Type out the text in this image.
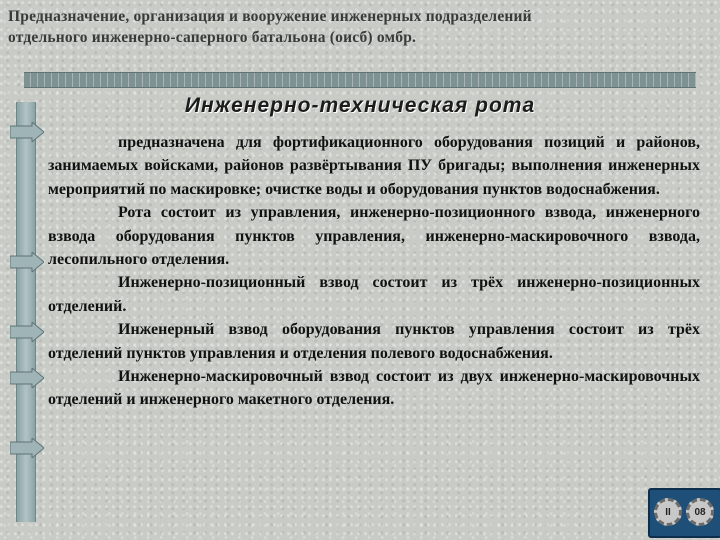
Предназначение, организация и вооружение инженерных подразделений
отдельного инженерно-саперного батальона (оисб) омбр.
Инженерно-техническая рота

предназначена для фортификационного оборудования позиций и районов, занимаемых войсками, районов развёртывания ПУ бригады; выполнения инженерных мероприятий по маскировке; очистке воды и оборудования пунктов водоснабжения.

Рота состоит из управления, инженерно-позиционного взвода, инженерного взвода оборудования пунктов управления, инженерно-маскировочного взвода, лесопильного отделения.

Инженерно-позиционный взвод состоит из трёх инженерно-позиционных отделений.

Инженерный взвод оборудования пунктов управления состоит из трёх отделений пунктов управления и отделения полевого водоснабжения.

Инженерно-маскировочный взвод состоит из двух инженерно-маскировочных отделений и инженерного макетного отделения.

II	08
